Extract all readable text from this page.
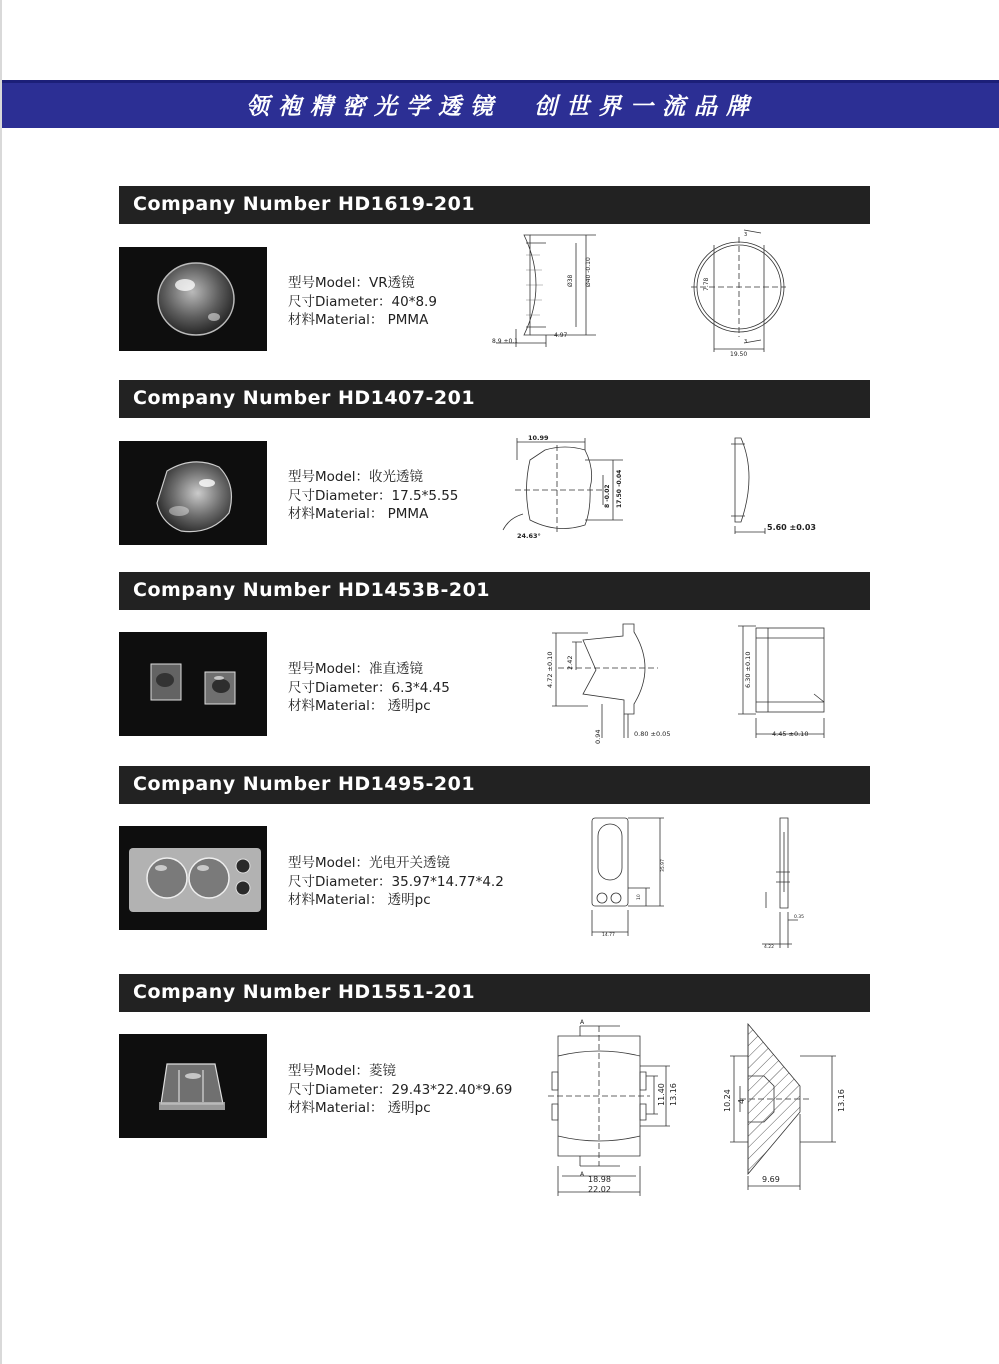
领袍精密光学透镜 创世界一流品牌
Company Number HD1619-201
型号Model：VR透镜
尺寸Diameter：40*8.9
材料Material： PMMA
8.9 ±0.1
4.97
Ø38 Ø40 -0.10	7.78
19.50
3
3
Company Number HD1407-201
型号Model：收光透镜
尺寸Diameter：17.5*5.55
材料Material： PMMA
10.99
24.63°
8 -0.02 17.50 -0.04
5.60 ±0.03
Company Number HD1453B-201
型号Model：准直透镜
尺寸Diameter：6.3*4.45
材料Material： 透明pc
4.72 ±0.10 2.42
0.94	0.80 ±0.05
6.30 ±0.10
4.45 ±0.10
Company Number HD1495-201
型号Model：光电开关透镜
尺寸Diameter：35.97*14.77*4.2
材料Material： 透明pc
35.97
10
14.77
4.22
0.35
Company Number HD1551-201
型号Model：菱镜
尺寸Diameter：29.43*22.40*9.69
材料Material： 透明pc
11.40 13.16
18.98
22.02
A
A
10.24 4	13.16
9.69
